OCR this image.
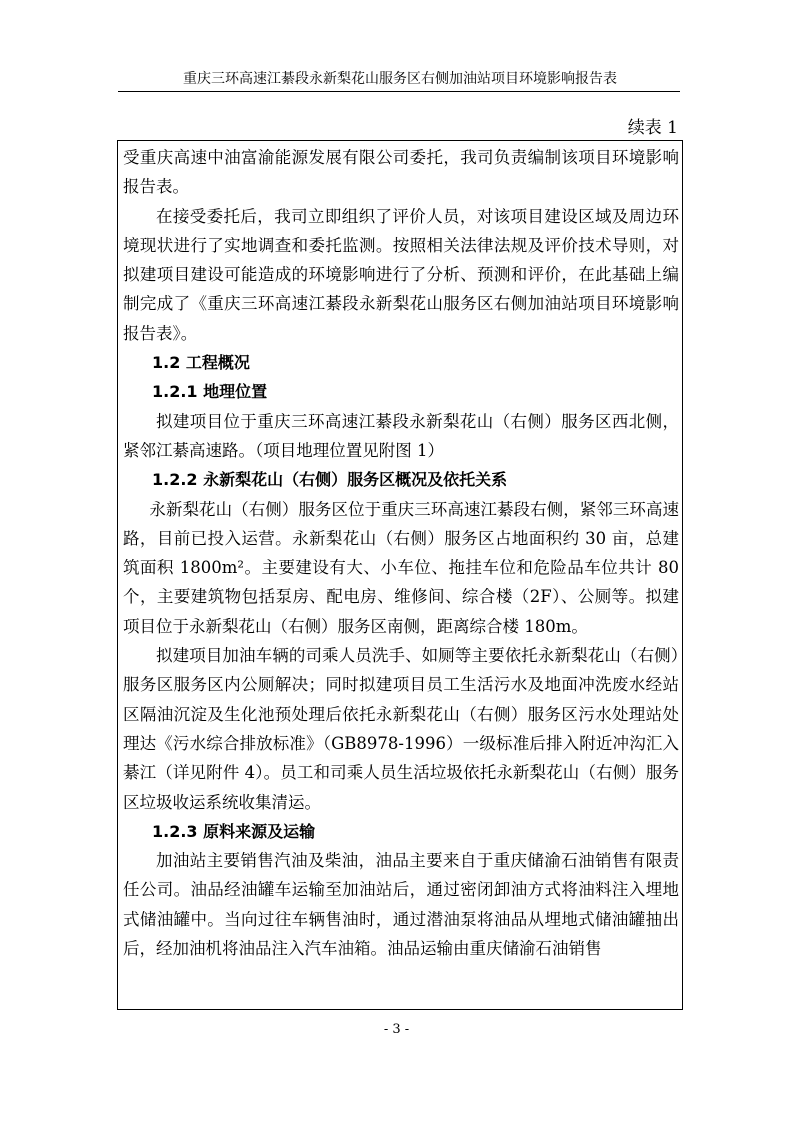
重庆三环高速江綦段永新梨花山服务区右侧加油站项目环境影响报告表
续表 1

受重庆高速中油富渝能源发展有限公司委托，我司负责编制该项目环境影响报告表。

在接受委托后，我司立即组织了评价人员，对该项目建设区域及周边环境现状进行了实地调查和委托监测。按照相关法律法规及评价技术导则，对拟建项目建设可能造成的环境影响进行了分析、预测和评价，在此基础上编制完成了《重庆三环高速江綦段永新梨花山服务区右侧加油站项目环境影响报告表》。

1.2 工程概况

1.2.1 地理位置

拟建项目位于重庆三环高速江綦段永新梨花山（右侧）服务区西北侧，紧邻江綦高速路。（项目地理位置见附图 1）

1.2.2 永新梨花山（右侧）服务区概况及依托关系

永新梨花山（右侧）服务区位于重庆三环高速江綦段右侧，紧邻三环高速路，目前已投入运营。永新梨花山（右侧）服务区占地面积约 30 亩，总建筑面积 1800m²。主要建设有大、小车位、拖挂车位和危险品车位共计 80 个，主要建筑物包括泵房、配电房、维修间、综合楼（2F）、公厕等。拟建项目位于永新梨花山（右侧）服务区南侧，距离综合楼 180m。

拟建项目加油车辆的司乘人员洗手、如厕等主要依托永新梨花山（右侧）服务区服务区内公厕解决；同时拟建项目员工生活污水及地面冲洗废水经站区隔油沉淀及生化池预处理后依托永新梨花山（右侧）服务区污水处理站处理达《污水综合排放标准》（GB8978-1996）一级标准后排入附近冲沟汇入綦江（详见附件 4）。员工和司乘人员生活垃圾依托永新梨花山（右侧）服务区垃圾收运系统收集清运。

1.2.3 原料来源及运输

加油站主要销售汽油及柴油，油品主要来自于重庆储渝石油销售有限责任公司。油品经油罐车运输至加油站后，通过密闭卸油方式将油料注入埋地式储油罐中。当向过往车辆售油时，通过潜油泵将油品从埋地式储油罐抽出后，经加油机将油品注入汽车油箱。油品运输由重庆储渝石油销售

- 3 -
